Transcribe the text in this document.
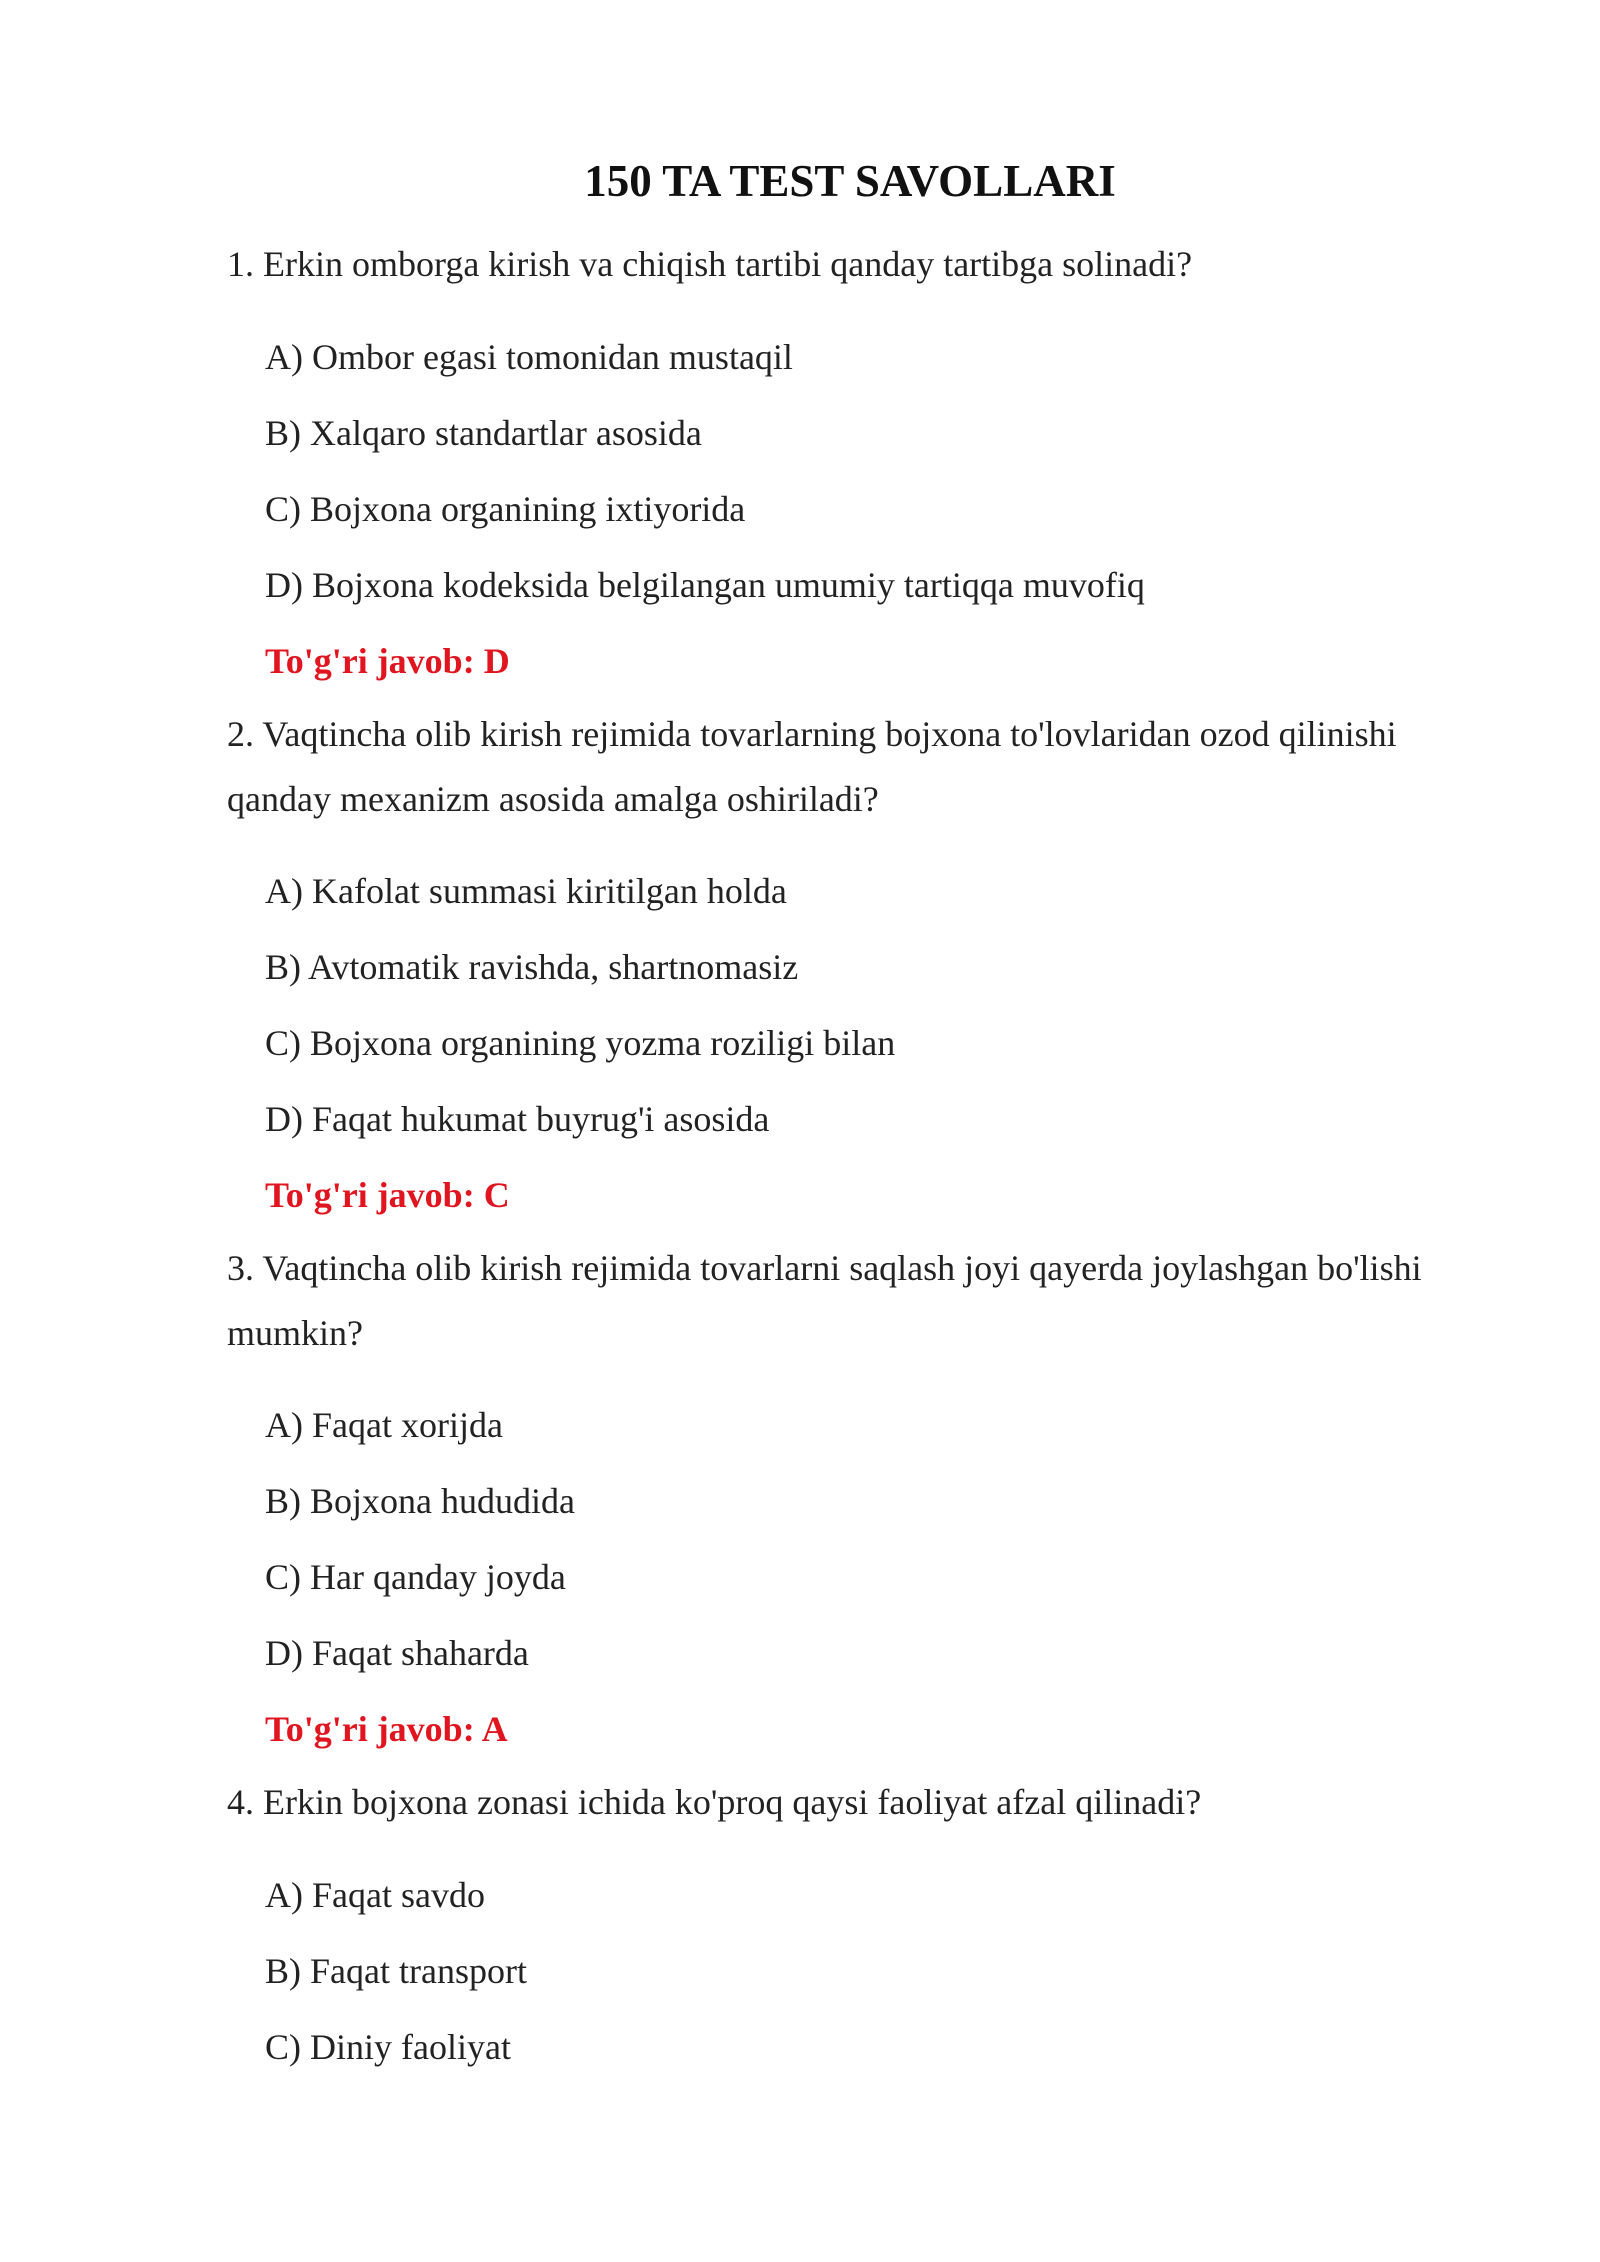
150 TA TEST SAVOLLARI
1. Erkin omborga kirish va chiqish tartibi qanday tartibga solinadi?
A) Ombor egasi tomonidan mustaqil
B) Xalqaro standartlar asosida
C) Bojxona organining ixtiyorida
D) Bojxona kodeksida belgilangan umumiy tartiqqa muvofiq
To'g'ri javob: D
2. Vaqtincha olib kirish rejimida tovarlarning bojxona to'lovlaridan ozod qilinishi qanday mexanizm asosida amalga oshiriladi?
A) Kafolat summasi kiritilgan holda
B) Avtomatik ravishda, shartnomasiz
C) Bojxona organining yozma roziligi bilan
D) Faqat hukumat buyrug'i asosida
To'g'ri javob: C
3. Vaqtincha olib kirish rejimida tovarlarni saqlash joyi qayerda joylashgan bo'lishi mumkin?
A) Faqat xorijda
B) Bojxona hududida
C) Har qanday joyda
D) Faqat shaharda
To'g'ri javob: A
4. Erkin bojxona zonasi ichida ko'proq qaysi faoliyat afzal qilinadi?
A) Faqat savdo
B) Faqat transport
C) Diniy faoliyat
